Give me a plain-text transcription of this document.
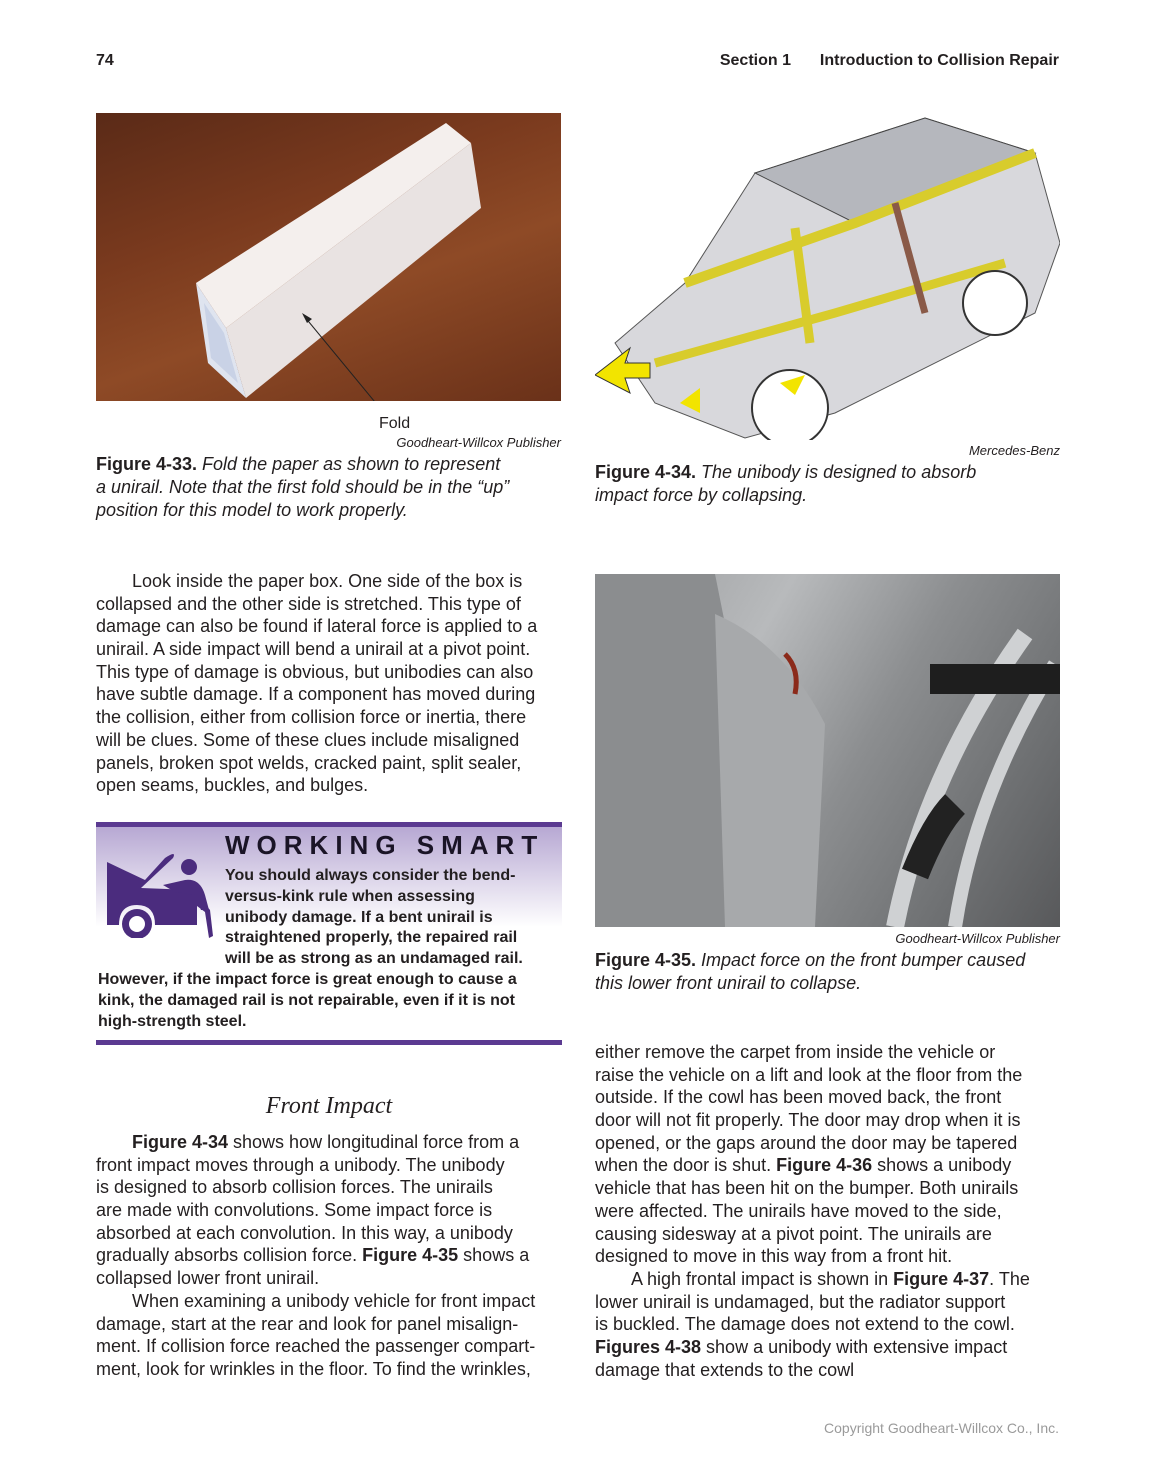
74	Section 1 Introduction to Collision Repair
Fold
Goodheart-Willcox Publisher
Figure 4-33. Fold the paper as shown to represent
a unirail. Note that the first fold should be in the “up”
position for this model to work properly.
Mercedes-Benz
Figure 4-34. The unibody is designed to absorb
impact force by collapsing.
  Look inside the paper box. One side of the box is
collapsed and the other side is stretched. This type of
damage can also be found if lateral force is applied to a
unirail. A side impact will bend a unirail at a pivot point.
This type of damage is obvious, but unibodies can also
have subtle damage. If a component has moved during
the collision, either from collision force or inertia, there
will be clues. Some of these clues include misaligned
panels, broken spot welds, cracked paint, split sealer,
open seams, buckles, and bulges.
WORKING SMART
You should always consider the bend-
versus-kink rule when assessing
unibody damage. If a bent unirail is
straightened properly, the repaired rail
will be as strong as an undamaged rail.
However, if the impact force is great enough to cause a
kink, the damaged rail is not repairable, even if it is not
high-strength steel.
Front Impact
  Figure 4-34 shows how longitudinal force from a
front impact moves through a unibody. The unibody
is designed to absorb collision forces. The unirails
are made with convolutions. Some impact force is
absorbed at each convolution. In this way, a unibody
gradually absorbs collision force. Figure 4-35 shows a
collapsed lower front unirail.
  When examining a unibody vehicle for front impact
damage, start at the rear and look for panel misalign-
ment. If collision force reached the passenger compart-
ment, look for wrinkles in the floor. To find the wrinkles,
Goodheart-Willcox Publisher
Figure 4-35. Impact force on the front bumper caused
this lower front unirail to collapse.
either remove the carpet from inside the vehicle or
raise the vehicle on a lift and look at the floor from the
outside. If the cowl has been moved back, the front
door will not fit properly. The door may drop when it is
opened, or the gaps around the door may be tapered
when the door is shut. Figure 4-36 shows a unibody
vehicle that has been hit on the bumper. Both unirails
were affected. The unirails have moved to the side,
causing sidesway at a pivot point. The unirails are
designed to move in this way from a front hit.
  A high frontal impact is shown in Figure 4-37. The
lower unirail is undamaged, but the radiator support
is buckled. The damage does not extend to the cowl.
Figures 4-38 show a unibody with extensive impact
damage that extends to the cowl
Copyright Goodheart-Willcox Co., Inc.
